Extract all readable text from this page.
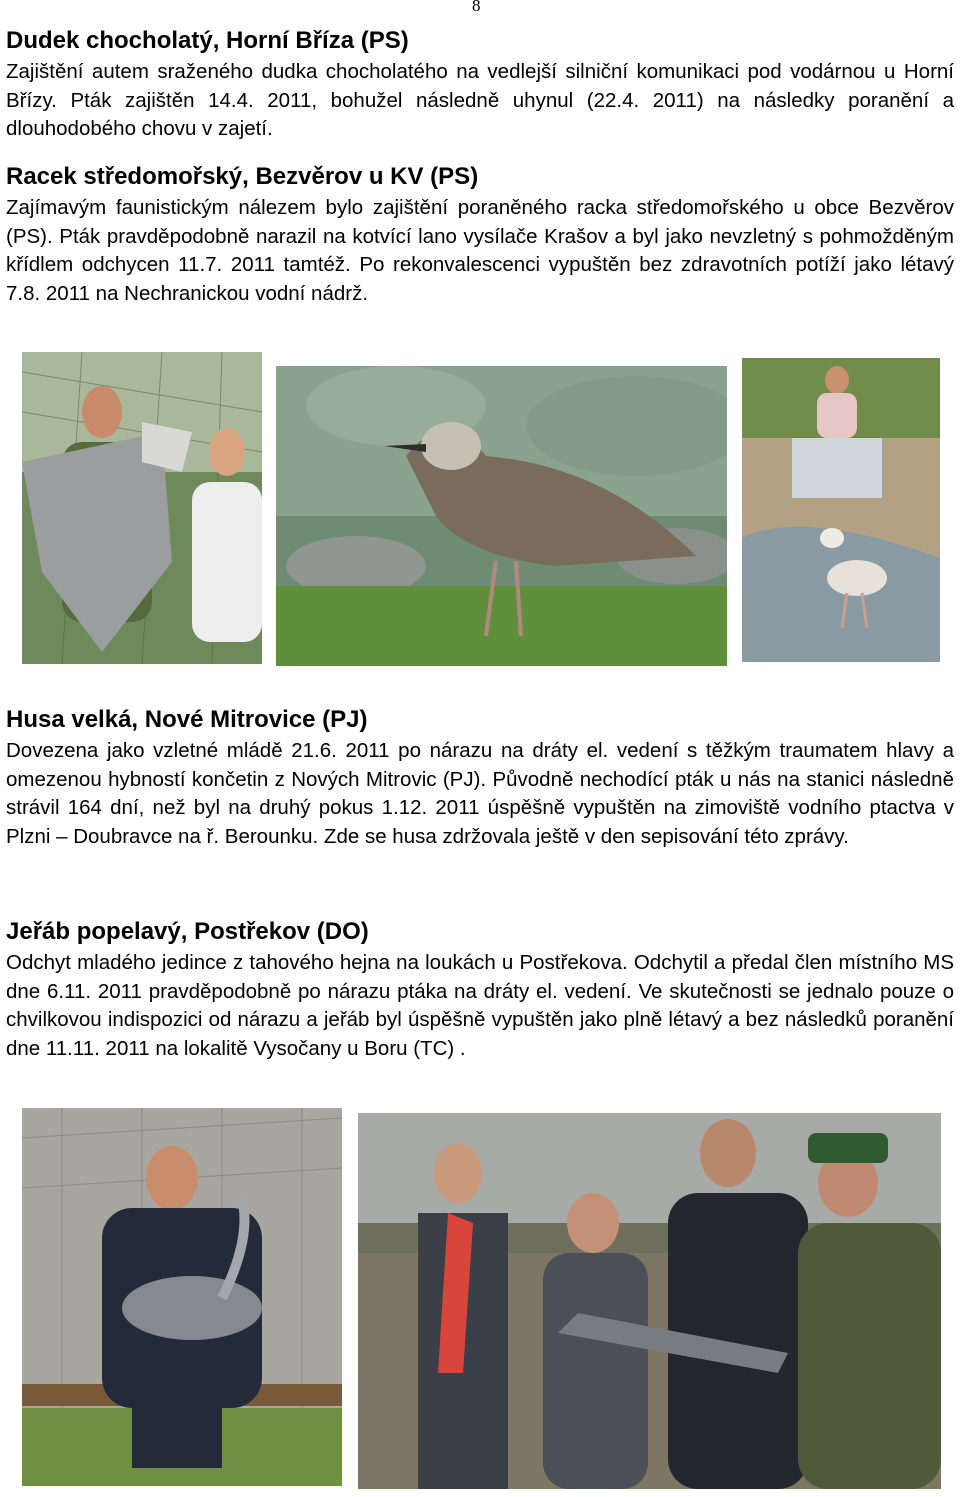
8
Dudek chocholatý, Horní Bříza (PS)

Zajištění autem sraženého dudka chocholatého na vedlejší silniční komunikaci pod vodárnou u Horní Břízy. Pták zajištěn 14.4. 2011, bohužel následně uhynul (22.4. 2011) na následky poranění a dlouhodobého chovu v zajetí.

Racek středomořský, Bezvěrov u KV (PS)

Zajímavým faunistickým nálezem bylo zajištění poraněného racka středomořského u obce Bezvěrov (PS). Pták pravděpodobně narazil na kotvící lano vysílače Krašov a byl jako nevzletný s pohmožděným křídlem odchycen 11.7. 2011 tamtéž. Po rekonvalescenci vypuštěn bez zdravotních potíží jako létavý 7.8. 2011 na Nechranickou vodní nádrž.

Husa velká, Nové Mitrovice (PJ)

Dovezena jako vzletné mládě 21.6. 2011 po nárazu na dráty el. vedení s těžkým traumatem hlavy a omezenou hybností končetin z Nových Mitrovic (PJ). Původně nechodící pták u nás na stanici následně strávil 164 dní, než byl na druhý pokus 1.12. 2011 úspěšně vypuštěn na zimoviště vodního ptactva v Plzni – Doubravce na ř. Berounku. Zde se husa zdržovala ještě v den sepisování této zprávy.

Jeřáb popelavý, Postřekov (DO)

Odchyt mladého jedince z tahového hejna na loukách u Postřekova. Odchytil a předal člen místního MS dne 6.11. 2011 pravděpodobně po nárazu ptáka na dráty el. vedení. Ve skutečnosti se jednalo pouze o chvilkovou indispozici od nárazu a jeřáb byl úspěšně vypuštěn jako plně létavý a bez následků poranění dne 11.11. 2011 na lokalitě Vysočany u Boru (TC) .
